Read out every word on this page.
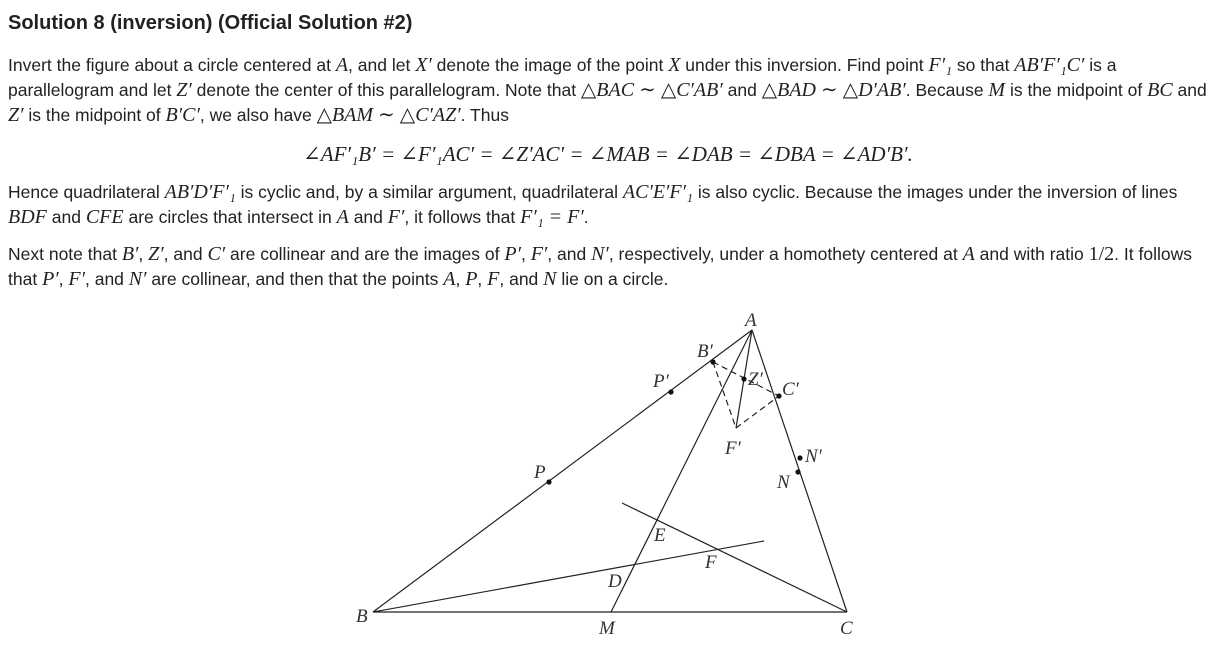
Solution 8 (inversion) (Official Solution #2)
Invert the figure about a circle centered at A, and let X′ denote the image of the point X under this inversion. Find point F′₁ so that AB′F′₁C′ is a parallelogram and let Z′ denote the center of this parallelogram. Note that △BAC ∼ △C′AB′ and △BAD ∼ △D′AB′. Because M is the midpoint of BC and Z′ is the midpoint of B′C′, we also have △BAM ∼ △C′AZ′. Thus
∠AF′₁B′ = ∠F′₁AC′ = ∠Z′AC′ = ∠MAB = ∠DAB = ∠DBA = ∠AD′B′.
Hence quadrilateral AB′D′F′₁ is cyclic and, by a similar argument, quadrilateral AC′E′F′₁ is also cyclic. Because the images under the inversion of lines BDF and CFE are circles that intersect in A and F′, it follows that F′₁ = F′.
Next note that B′, Z′, and C′ are collinear and are the images of P′, F′, and N′, respectively, under a homothety centered at A and with ratio 1/2. It follows that P′, F′, and N′ are collinear, and then that the points A, P, F, and N lie on a circle.
A
B
C
B′
P′	Z′ C′
F′	N′
N
P
E
F
D
M
